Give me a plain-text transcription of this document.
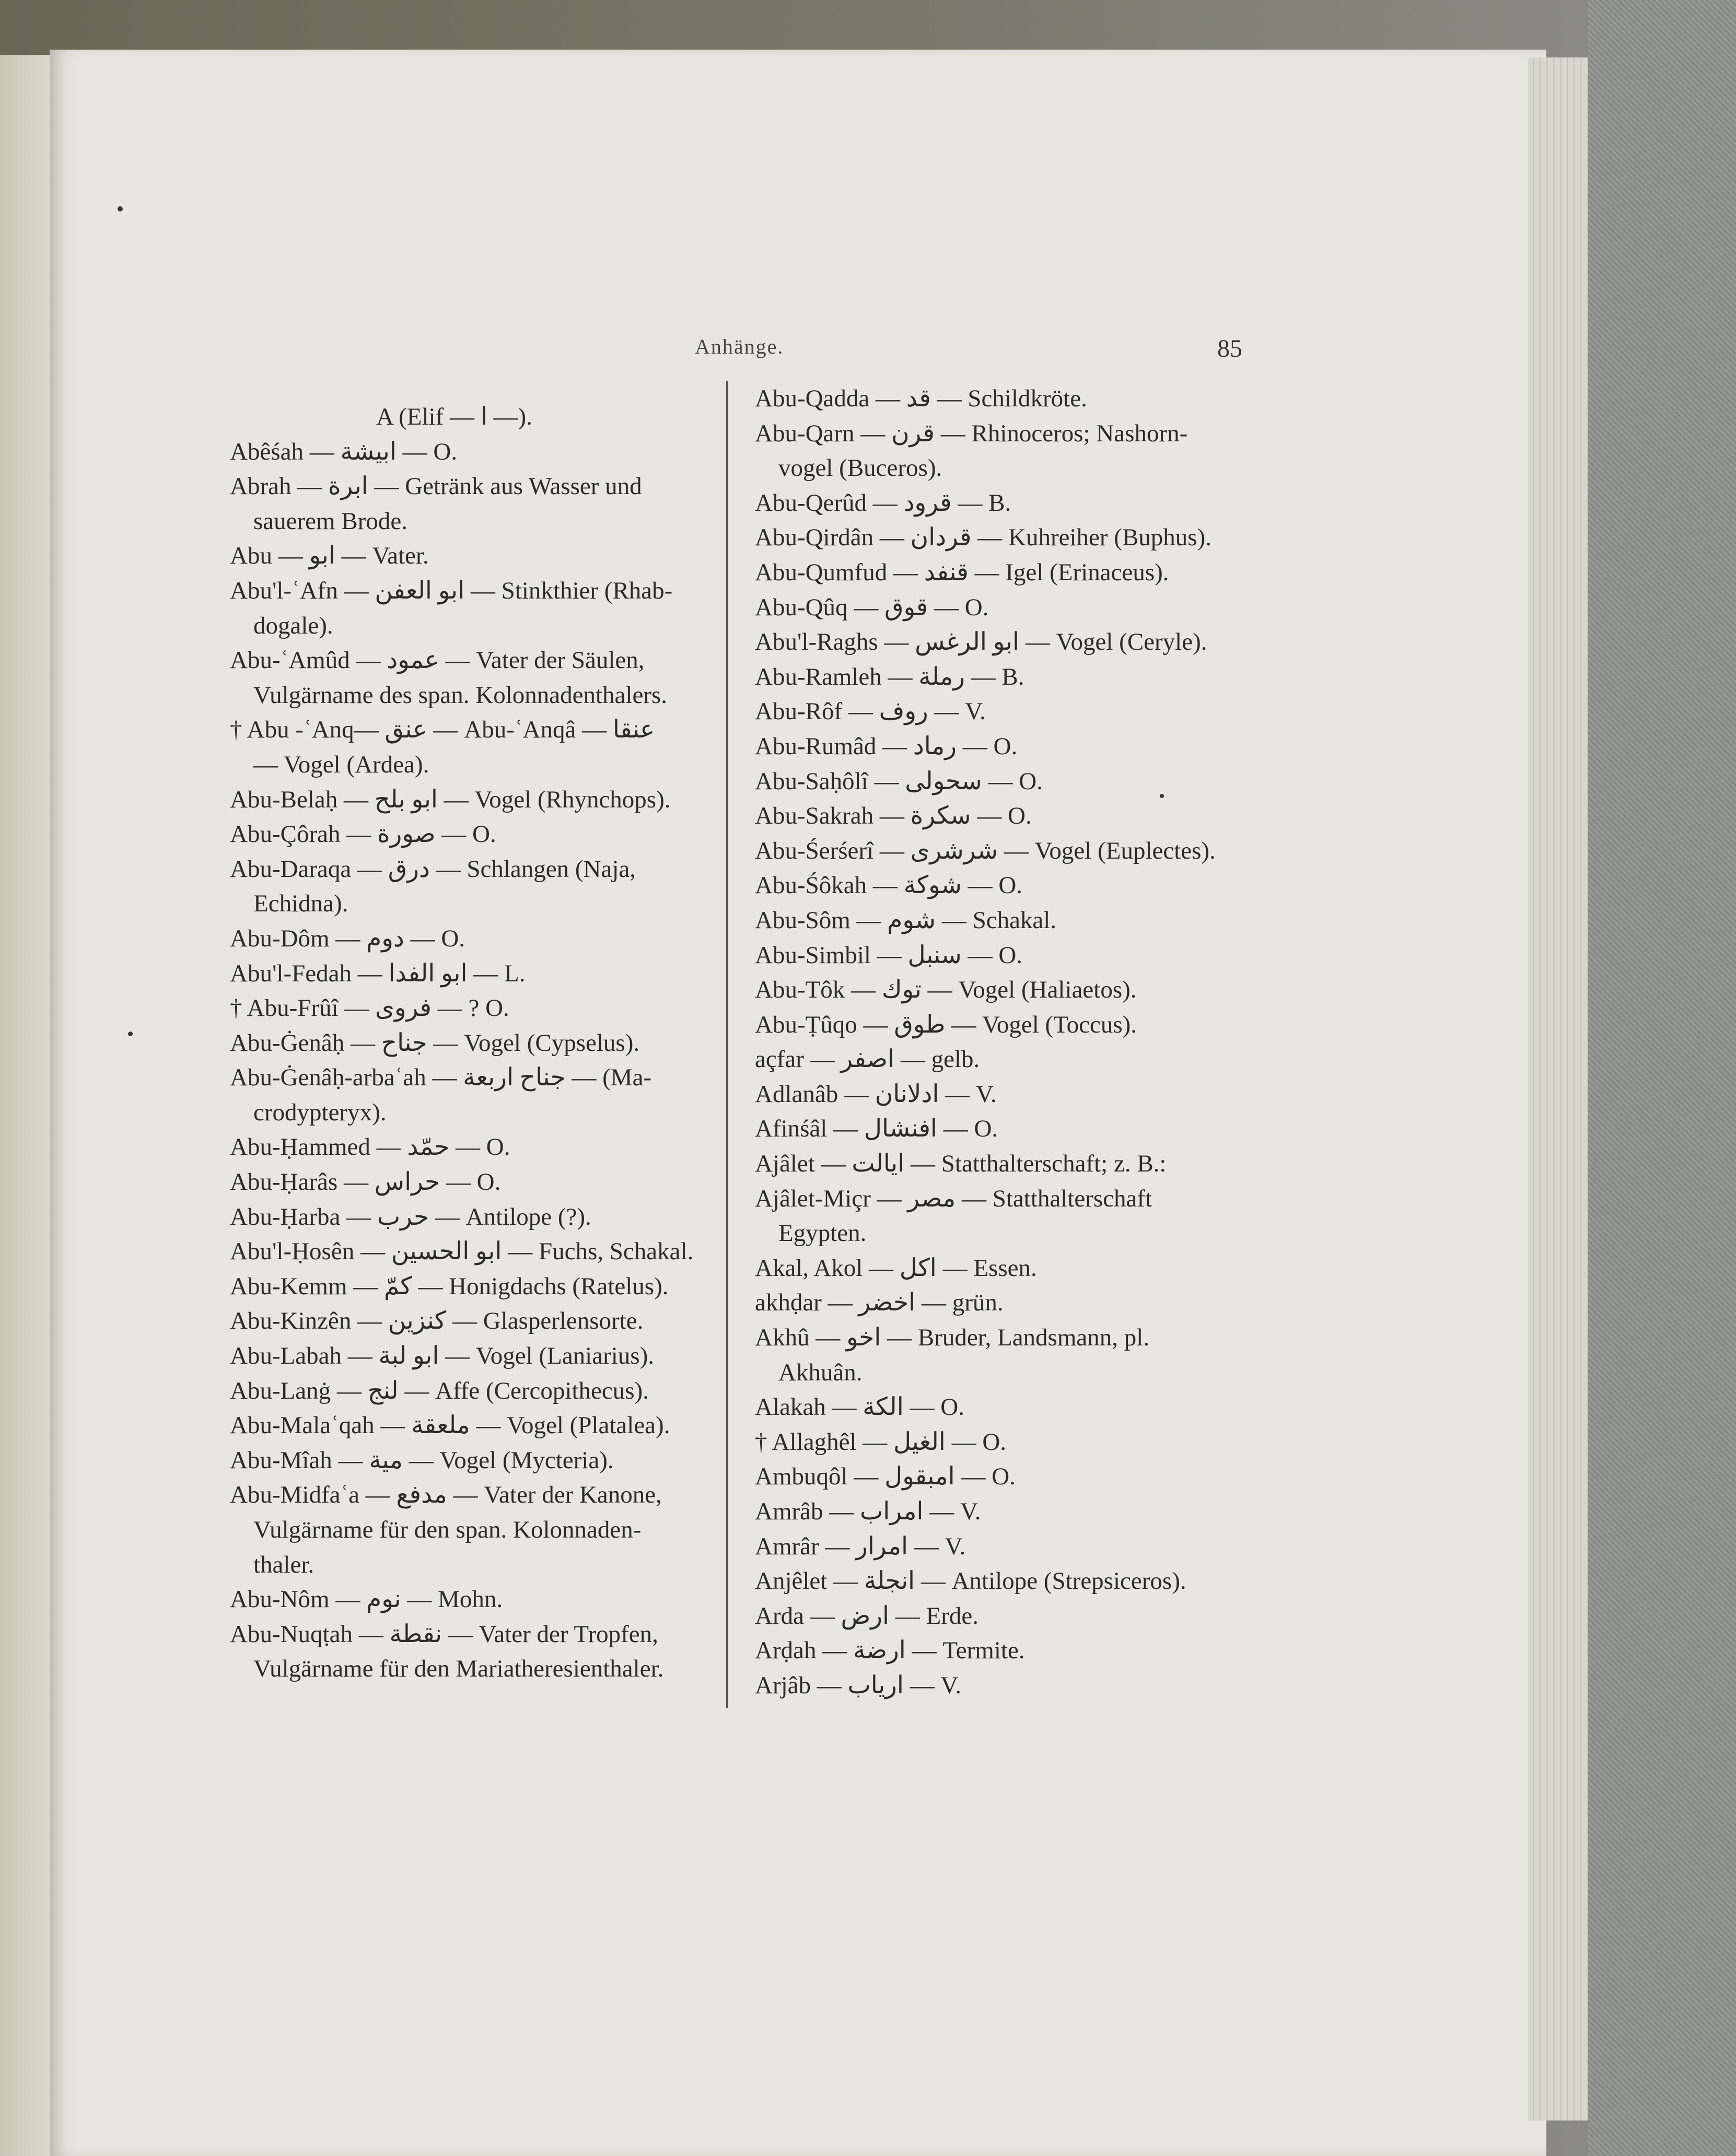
Anhänge.	85
A (Elif — ا —).
Abêśah — ابيشة — O.
Abrah — ابرة — Getränk aus Wasser und
sauerem Brode.
Abu — ابو — Vater.
Abu'l-ʿAfn — ابو العفن — Stinkthier (Rhab-
dogale).
Abu-ʿAmûd — عمود — Vater der Säulen,
Vulgärname des span. Kolonnadenthalers.
† Abu -ʿAnq— عنق — Abu-ʿAnqâ — عنقا
— Vogel (Ardea).
Abu-Belaḥ — ابو بلح — Vogel (Rhynchops).
Abu-Çôrah — صورة — O.
Abu-Daraqa — درق — Schlangen (Naja,
Echidna).
Abu-Dôm — دوم — O.
Abu'l-Fedah — ابو الفدا — L.
† Abu-Frûî — فروى — ? O.
Abu-Ġenâḥ — جناح — Vogel (Cypselus).
Abu-Ġenâḥ-arbaʿah — جناح اربعة — (Ma-
crodypteryx).
Abu-Ḥammed — حمّد — O.
Abu-Ḥarâs — حراس — O.
Abu-Ḥarba — حرب — Antilope (?).
Abu'l-Ḥosên — ابو الحسين — Fuchs, Schakal.
Abu-Kemm — كمّ — Honigdachs (Ratelus).
Abu-Kinzên — كنزين — Glasperlensorte.
Abu-Labah — ابو لبة — Vogel (Laniarius).
Abu-Lanġ — لنج — Affe (Cercopithecus).
Abu-Malaʿqah — ملعقة — Vogel (Platalea).
Abu-Mîah — مية — Vogel (Mycteria).
Abu-Midfaʿa — مدفع — Vater der Kanone,
Vulgärname für den span. Kolonnaden-
thaler.
Abu-Nôm — نوم — Mohn.
Abu-Nuqṭah — نقطة — Vater der Tropfen,
Vulgärname für den Mariatheresienthaler.
Abu-Qadda — قد — Schildkröte.
Abu-Qarn — قرن — Rhinoceros; Nashorn-
vogel (Buceros).
Abu-Qerûd — قرود — B.
Abu-Qirdân — قردان — Kuhreiher (Buphus).
Abu-Qumfud — قنفد — Igel (Erinaceus).
Abu-Qûq — قوق — O.
Abu'l-Raghs — ابو الرغس — Vogel (Ceryle).
Abu-Ramleh — رملة — B.
Abu-Rôf — روف — V.
Abu-Rumâd — رماد — O.
Abu-Saḥôlî — سحولى — O.
Abu-Sakrah — سكرة — O.
Abu-Śerśerî — شرشرى — Vogel (Euplectes).
Abu-Śôkah — شوكة — O.
Abu-Sôm — شوم — Schakal.
Abu-Simbil — سنبل — O.
Abu-Tôk — توك — Vogel (Haliaetos).
Abu-Ṭûqo — طوق — Vogel (Toccus).
açfar — اصفر — gelb.
Adlanâb — ادلانان — V.
Afinśâl — افنشال — O.
Ajâlet — ايالت — Statthalterschaft; z. B.:
Ajâlet-Miçr — مصر — Statthalterschaft
Egypten.
Akal, Akol — اكل — Essen.
akhḍar — اخضر — grün.
Akhû — اخو — Bruder, Landsmann, pl.
Akhuân.
Alakah — الكة — O.
† Allaghêl — الغيل — O.
Ambuqôl — امبقول — O.
Amrâb — امراب — V.
Amrâr — امرار — V.
Anjêlet — انجلة — Antilope (Strepsiceros).
Arda — ارض — Erde.
Arḍah — ارضة — Termite.
Arjâb — ارياب — V.
